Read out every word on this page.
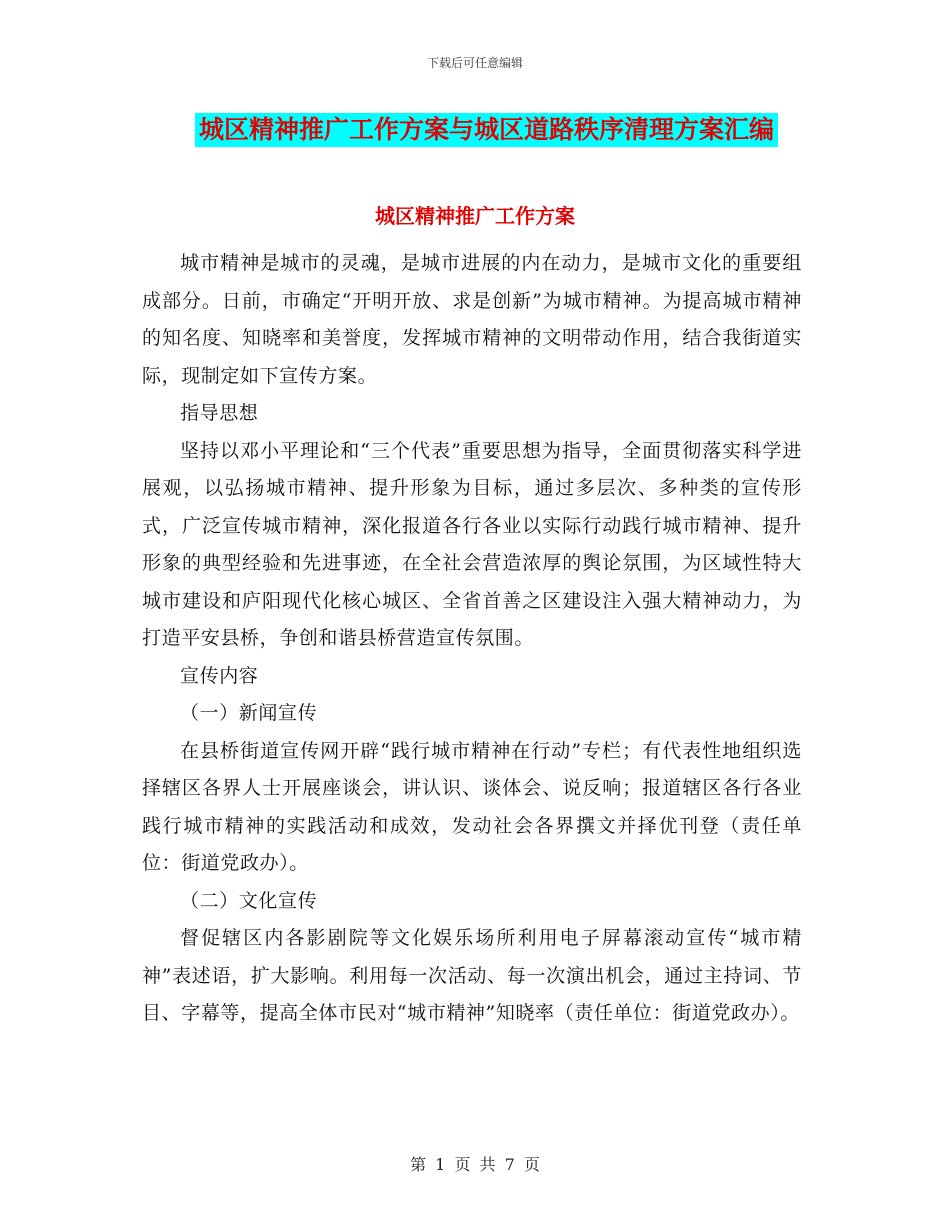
下载后可任意编辑
城区精神推广工作方案与城区道路秩序清理方案汇编
城区精神推广工作方案

城市精神是城市的灵魂，是城市进展的内在动力，是城市文化的重要组成部分。日前，市确定“开明开放、求是创新”为城市精神。为提高城市精神的知名度、知晓率和美誉度，发挥城市精神的文明带动作用，结合我街道实际，现制定如下宣传方案。

指导思想

坚持以邓小平理论和“三个代表”重要思想为指导，全面贯彻落实科学进展观，以弘扬城市精神、提升形象为目标，通过多层次、多种类的宣传形式，广泛宣传城市精神，深化报道各行各业以实际行动践行城市精神、提升形象的典型经验和先进事迹，在全社会营造浓厚的舆论氛围，为区域性特大城市建设和庐阳现代化核心城区、全省首善之区建设注入强大精神动力，为打造平安县桥，争创和谐县桥营造宣传氛围。

宣传内容

（一）新闻宣传

在县桥街道宣传网开辟“践行城市精神在行动”专栏；有代表性地组织选择辖区各界人士开展座谈会，讲认识、谈体会、说反响；报道辖区各行各业践行城市精神的实践活动和成效，发动社会各界撰文并择优刊登（责任单位：街道党政办）。

（二）文化宣传

督促辖区内各影剧院等文化娱乐场所利用电子屏幕滚动宣传“城市精神”表述语，扩大影响。利用每一次活动、每一次演出机会，通过主持词、节目、字幕等，提高全体市民对“城市精神”知晓率（责任单位：街道党政办）。

第 1 页 共 7 页
